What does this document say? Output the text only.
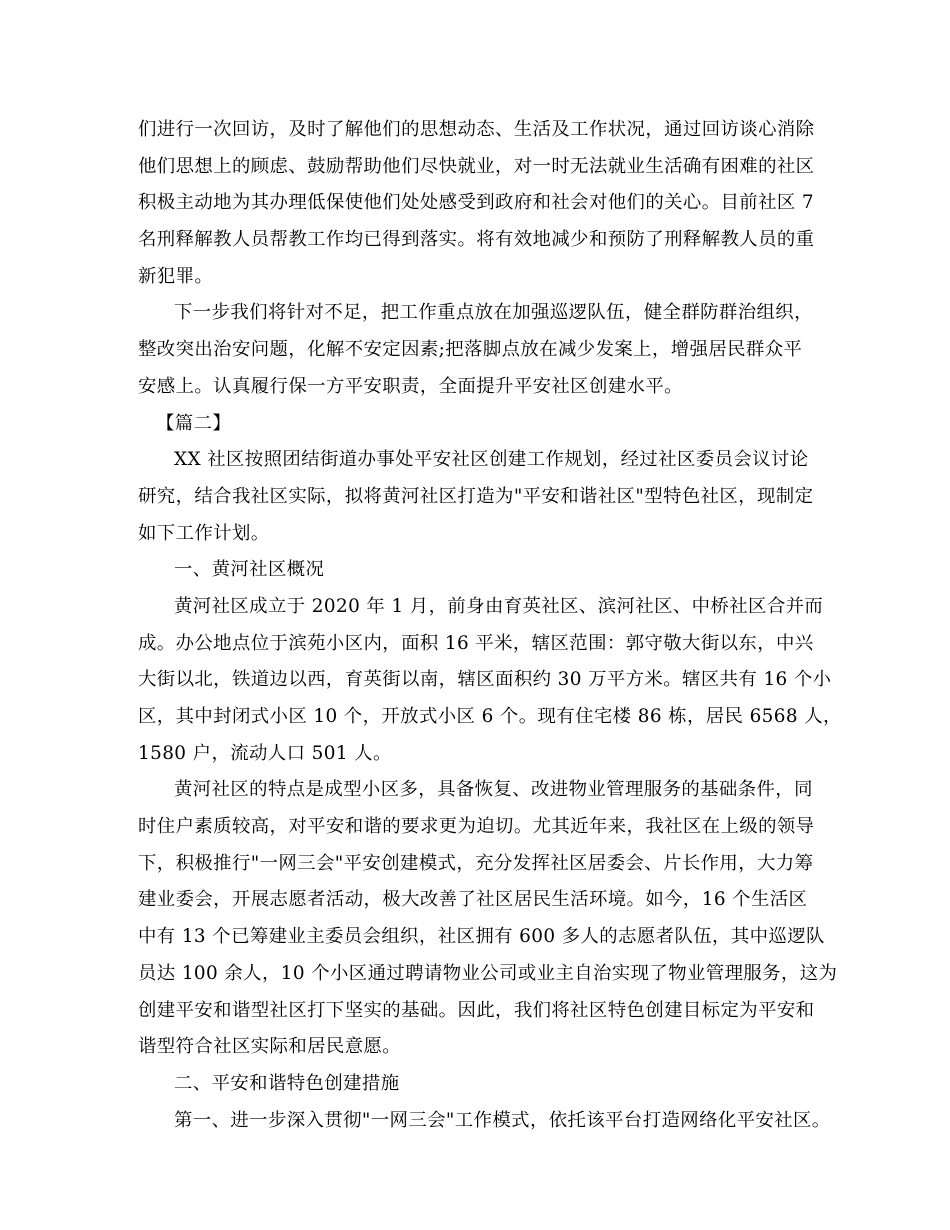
们进行一次回访，及时了解他们的思想动态、生活及工作状况，通过回访谈心消除
他们思想上的顾虑、鼓励帮助他们尽快就业，对一时无法就业生活确有困难的社区
积极主动地为其办理低保使他们处处感受到政府和社会对他们的关心。目前社区 7
名刑释解教人员帮教工作均已得到落实。将有效地减少和预防了刑释解教人员的重
新犯罪。
下一步我们将针对不足，把工作重点放在加强巡逻队伍，健全群防群治组织，
整改突出治安问题，化解不安定因素;把落脚点放在减少发案上，增强居民群众平
安感上。认真履行保一方平安职责，全面提升平安社区创建水平。
【篇二】
XX 社区按照团结街道办事处平安社区创建工作规划，经过社区委员会议讨论
研究，结合我社区实际，拟将黄河社区打造为"平安和谐社区"型特色社区，现制定
如下工作计划。
一、黄河社区概况
黄河社区成立于 2020 年 1 月，前身由育英社区、滨河社区、中桥社区合并而
成。办公地点位于滨苑小区内，面积 16 平米，辖区范围：郭守敬大街以东，中兴
大街以北，铁道边以西，育英街以南，辖区面积约 30 万平方米。辖区共有 16 个小
区，其中封闭式小区 10 个，开放式小区 6 个。现有住宅楼 86 栋，居民 6568 人，
1580 户，流动人口 501 人。
黄河社区的特点是成型小区多，具备恢复、改进物业管理服务的基础条件，同
时住户素质较高，对平安和谐的要求更为迫切。尤其近年来，我社区在上级的领导
下，积极推行"一网三会"平安创建模式，充分发挥社区居委会、片长作用，大力筹
建业委会，开展志愿者活动，极大改善了社区居民生活环境。如今，16 个生活区
中有 13 个已筹建业主委员会组织，社区拥有 600 多人的志愿者队伍，其中巡逻队
员达 100 余人，10 个小区通过聘请物业公司或业主自治实现了物业管理服务，这为
创建平安和谐型社区打下坚实的基础。因此，我们将社区特色创建目标定为平安和
谐型符合社区实际和居民意愿。
二、平安和谐特色创建措施
第一、进一步深入贯彻"一网三会"工作模式，依托该平台打造网络化平安社区。
